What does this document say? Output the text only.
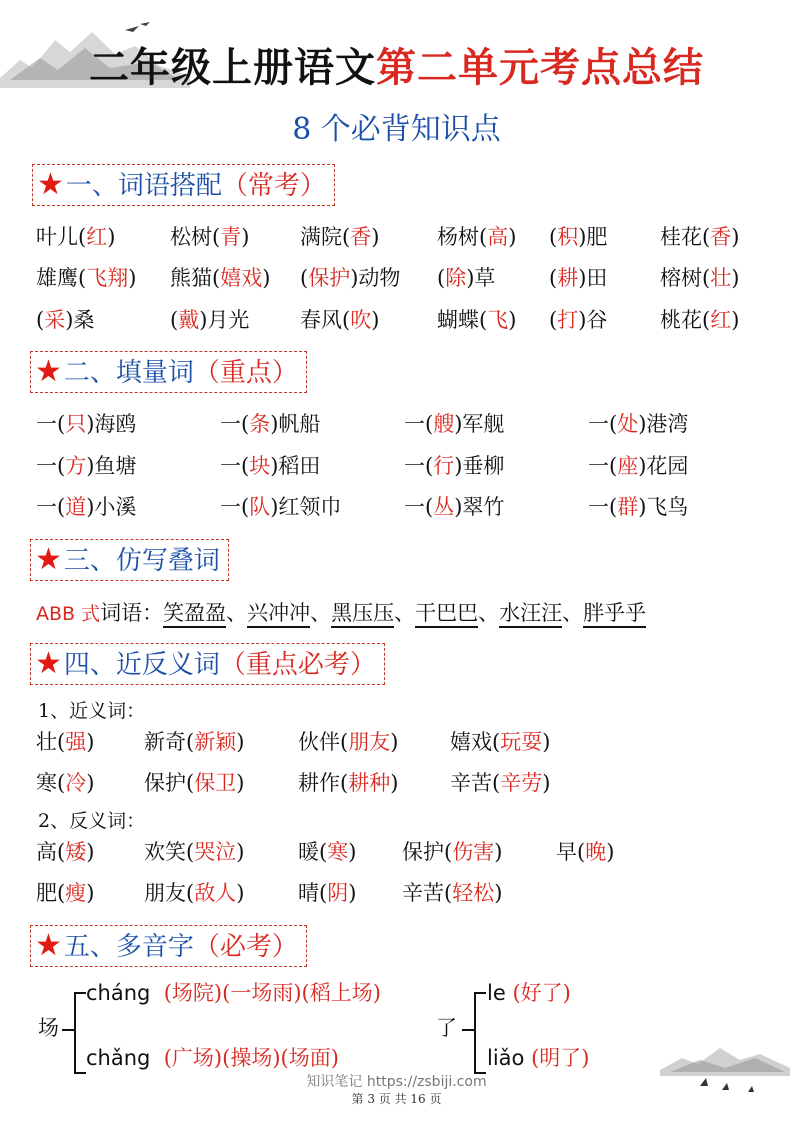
二年级上册语文第二单元考点总结
8 个必背知识点
★一、词语搭配（常考）
叶儿(红)	松树(青) 满院(香)	杨树(高) (积)肥	桂花(香)
雄鹰(飞翔) 熊猫(嬉戏) (保护)动物 (除)草	(耕)田	榕树(壮)
(采)桑	(戴)月光 春风(吹)	蝴蝶(飞) (打)谷	桃花(红)
★二、填量词（重点）
一(只)海鸥	一(条)帆船	一(艘)军舰	一(处)港湾
一(方)鱼塘	一(块)稻田	一(行)垂柳	一(座)花园
一(道)小溪	一(队)红领巾	一(丛)翠竹	一(群)飞鸟
★三、仿写叠词
ABB 式词语：笑盈盈、兴冲冲、黑压压、干巴巴、水汪汪、胖乎乎
★四、近反义词（重点必考）
1、近义词：
壮(强) 新奇(新颖)	伙伴(朋友) 嬉戏(玩耍)
寒(冷) 保护(保卫)	耕作(耕种) 辛苦(辛劳)
2、反义词：
高(矮) 欢笑(哭泣)	暖(寒) 保护(伤害)	早(晚)
肥(瘦) 朋友(敌人)	晴(阴) 辛苦(轻松)
★五、多音字（必考）
场
cháng (场院)(一场雨)(稻上场)
chǎng (广场)(操场)(场面)
了
le (好了)
liǎo (明了)
知识笔记 https://zsbiji.com
第 3 页 共 16 页
